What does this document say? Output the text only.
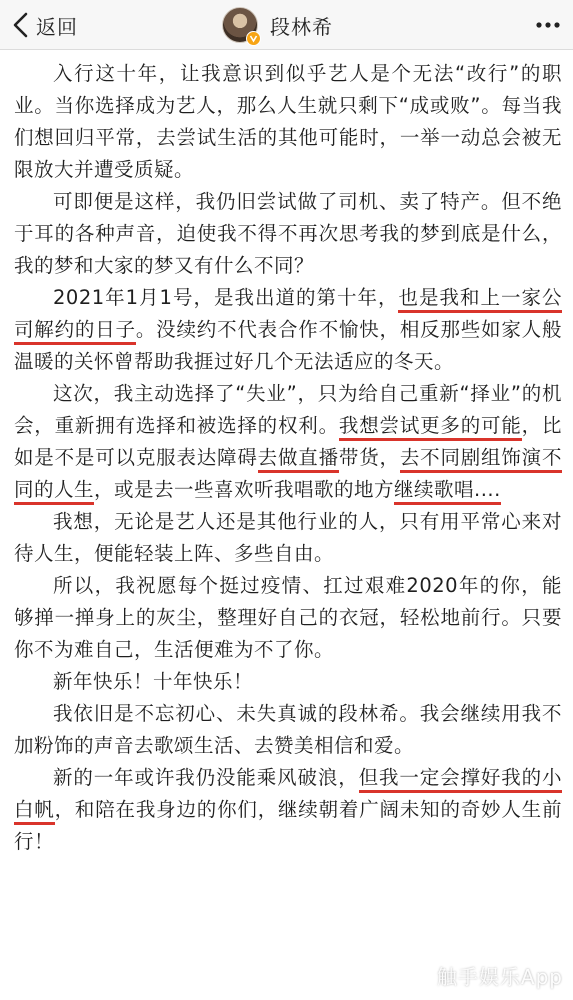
返回	段林希

入行这十年，让我意识到似乎艺人是个无法“改行”的职业。当你选择成为艺人，那么人生就只剩下“成或败”。每当我们想回归平常，去尝试生活的其他可能时，一举一动总会被无限放大并遭受质疑。

可即便是这样，我仍旧尝试做了司机、卖了特产。但不绝于耳的各种声音，迫使我不得不再次思考我的梦到底是什么，我的梦和大家的梦又有什么不同？

2021年1月1号，是我出道的第十年，也是我和上一家公司解约的日子。没续约不代表合作不愉快，相反那些如家人般温暖的关怀曾帮助我捱过好几个无法适应的冬天。

这次，我主动选择了“失业”，只为给自己重新“择业”的机会，重新拥有选择和被选择的权利。我想尝试更多的可能，比如是不是可以克服表达障碍去做直播带货，去不同剧组饰演不同的人生，或是去一些喜欢听我唱歌的地方继续歌唱....

我想，无论是艺人还是其他行业的人，只有用平常心来对待人生，便能轻装上阵、多些自由。

所以，我祝愿每个挺过疫情、扛过艰难2020年的你，能够掸一掸身上的灰尘，整理好自己的衣冠，轻松地前行。只要你不为难自己，生活便难为不了你。

新年快乐！十年快乐！

我依旧是不忘初心、未失真诚的段林希。我会继续用我不加粉饰的声音去歌颂生活、去赞美相信和爱。

新的一年或许我仍没能乘风破浪，但我一定会撑好我的小白帆，和陪在我身边的你们，继续朝着广阔未知的奇妙人生前行！

触手娱乐App
